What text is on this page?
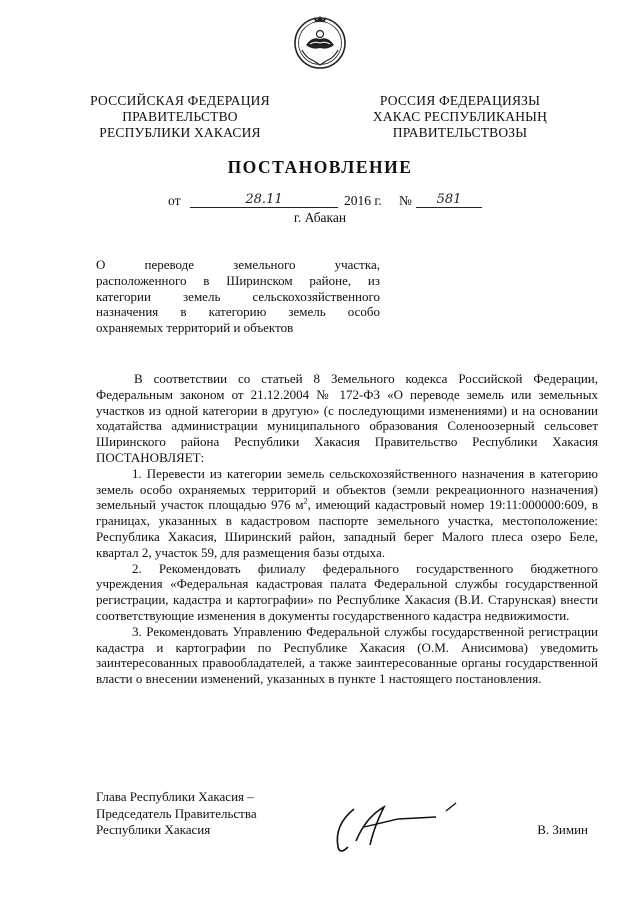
РОССИЙСКАЯ ФЕДЕРАЦИЯ
ПРАВИТЕЛЬСТВО
РЕСПУБЛИКИ ХАКАСИЯ
РОССИЯ ФЕДЕРАЦИЯЗЫ
ХАКАС РЕСПУБЛИКАНЫҢ
ПРАВИТЕЛЬСТВОЗЫ
ПОСТАНОВЛЕНИЕ
от	28.11	2016 г. №	581
г. Абакан
О переводе земельного участка,
расположенного в Ширинском районе, из
категории земель сельскохозяйственного
назначения в категорию земель особо
охраняемых территорий и объектов

В соответствии со статьей 8 Земельного кодекса Российской Федерации, Федеральным законом от 21.12.2004 № 172-ФЗ «О переводе земель или земельных участков из одной категории в другую» (с последующими изменениями) и на основании ходатайства администрации муниципального образования Соленоозерный сельсовет Ширинского района Республики Хакасия Правительство Республики Хакасия ПОСТАНОВЛЯЕТ:

1. Перевести из категории земель сельскохозяйственного назначения в категорию земель особо охраняемых территорий и объектов (земли рекреационного назначения) земельный участок площадью 976 $м^2$, имеющий кадастровый номер 19:11:000000:609, в границах, указанных в кадастровом паспорте земельного участка, местоположение: Республика Хакасия, Ширинский район, западный берег Малого плеса озеро Беле, квартал 2, участок 59, для размещения базы отдыха.

2. Рекомендовать филиалу федерального государственного бюджетного учреждения «Федеральная кадастровая палата Федеральной службы государственной регистрации, кадастра и картографии» по Республике Хакасия (В.И. Старунская) внести соответствующие изменения в документы государственного кадастра недвижимости.

3. Рекомендовать Управлению Федеральной службы государственной регистрации кадастра и картографии по Республике Хакасия (О.М. Анисимова) уведомить заинтересованных правообладателей, а также заинтересованные органы государственной власти о внесении изменений, указанных в пункте 1 настоящего постановления.

Глава Республики Хакасия –
Председатель Правительства
Республики Хакасия	В. Зимин
